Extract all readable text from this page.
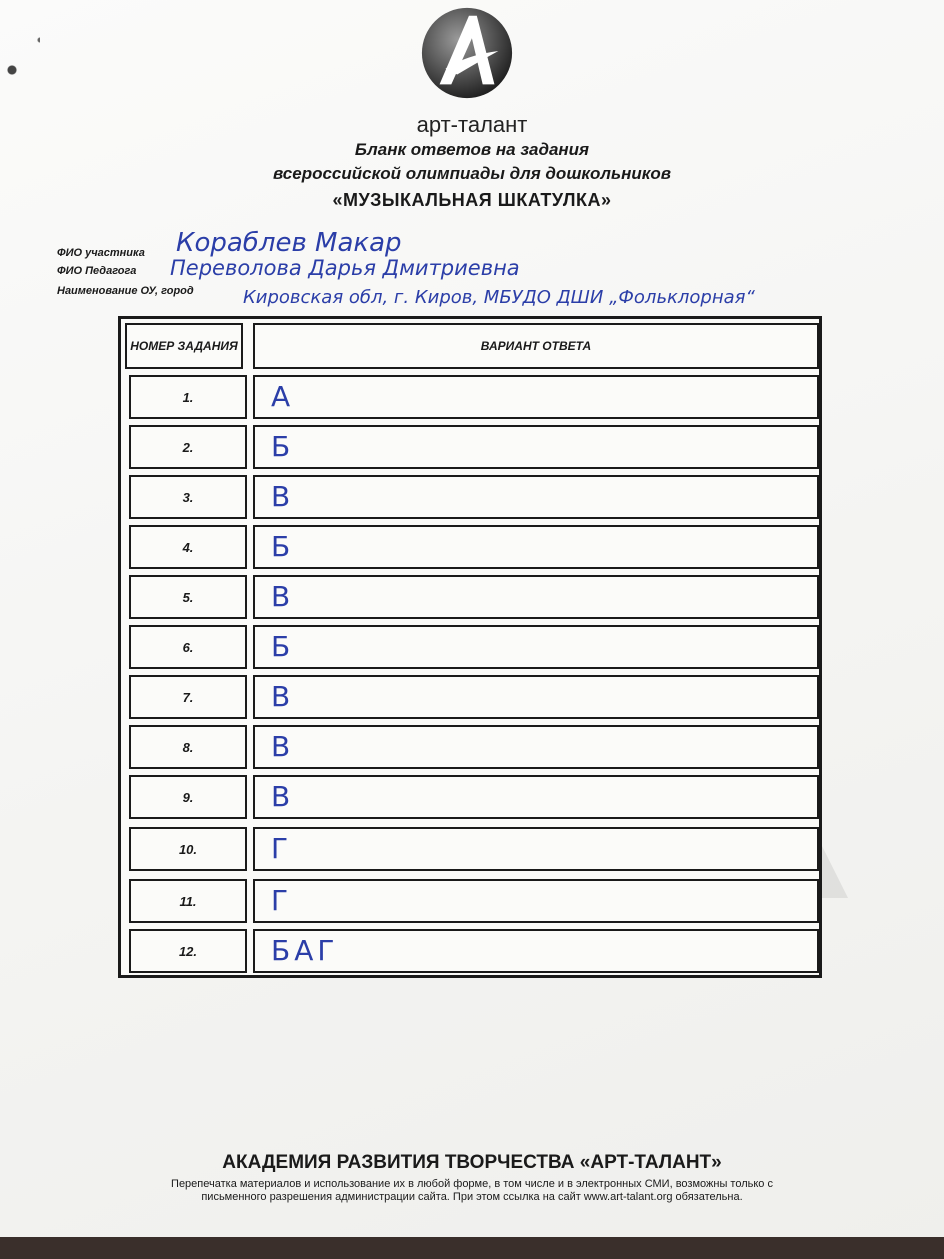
арт-талант
Бланк ответов на задания
всероссийской олимпиады для дошкольников
«МУЗЫКАЛЬНАЯ ШКАТУЛКА»
ФИО участника Кораблев Макар
ФИО Педагога Переволова Дарья Дмитриевна
Наименование ОУ, город	Кировская обл, г. Киров, МБУДО ДШИ „Фольклорная“
НОМЕР ЗАДАНИЯ	ВАРИАНТ ОТВЕТА
1.	А
2.	Б
3.	В
4.	Б
5.	В
6.	Б
7.	В
8.	В
9.	В
10.	Г
11.	Г
12.	БАГ
АКАДЕМИЯ РАЗВИТИЯ ТВОРЧЕСТВА «АРТ-ТАЛАНТ»
Перепечатка материалов и использование их в любой форме, в том числе и в электронных СМИ, возможны только с письменного разрешения администрации сайта. При этом ссылка на сайт www.art-talant.org обязательна.
